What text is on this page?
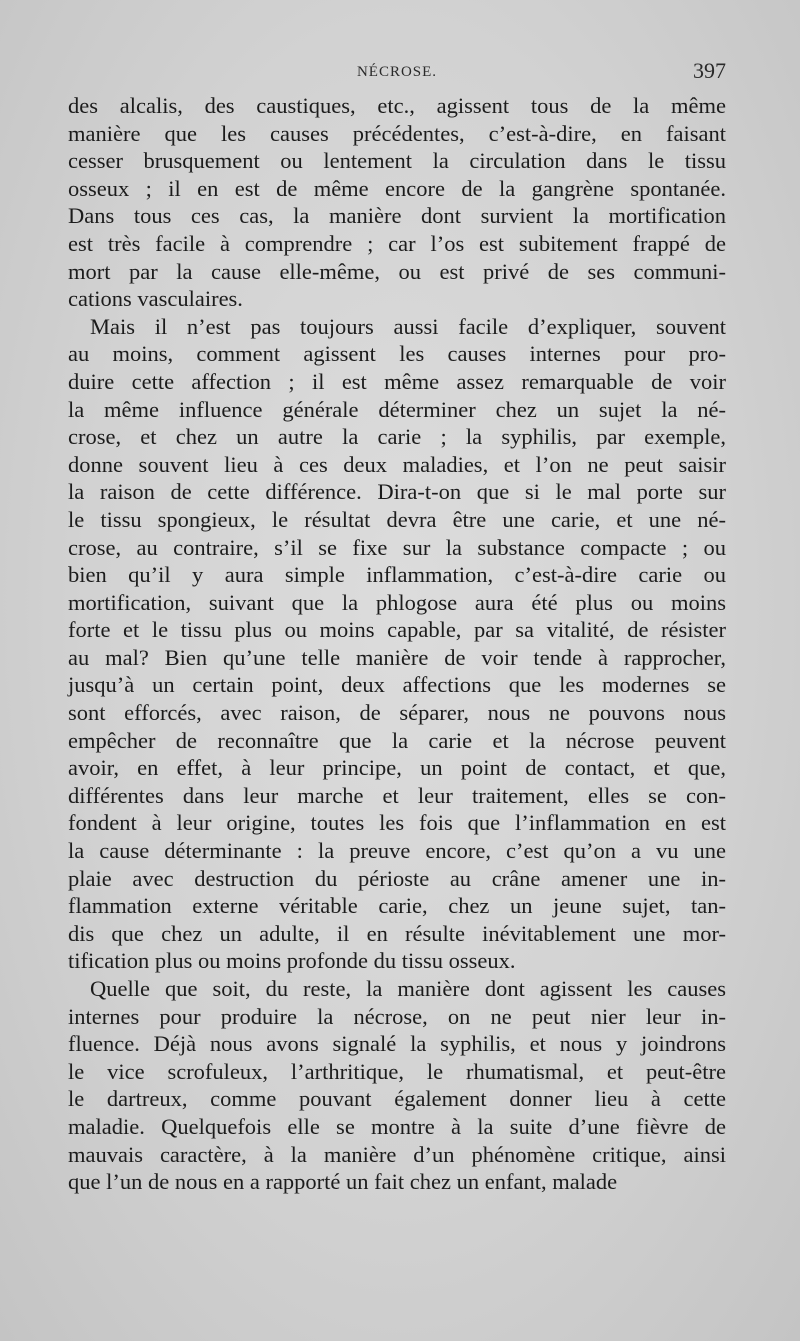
NÉCROSE.	397
des alcalis, des caustiques, etc., agissent tous de la même
manière que les causes précédentes, c’est-à-dire, en faisant
cesser brusquement ou lentement la circulation dans le tissu
osseux ; il en est de même encore de la gangrène spontanée.
Dans tous ces cas, la manière dont survient la mortification
est très facile à comprendre ; car l’os est subitement frappé de
mort par la cause elle-même, ou est privé de ses communi-
cations vasculaires.
Mais il n’est pas toujours aussi facile d’expliquer, souvent
au moins, comment agissent les causes internes pour pro-
duire cette affection ; il est même assez remarquable de voir
la même influence générale déterminer chez un sujet la né-
crose, et chez un autre la carie ; la syphilis, par exemple,
donne souvent lieu à ces deux maladies, et l’on ne peut saisir
la raison de cette différence. Dira-t-on que si le mal porte sur
le tissu spongieux, le résultat devra être une carie, et une né-
crose, au contraire, s’il se fixe sur la substance compacte ; ou
bien qu’il y aura simple inflammation, c’est-à-dire carie ou
mortification, suivant que la phlogose aura été plus ou moins
forte et le tissu plus ou moins capable, par sa vitalité, de résister
au mal? Bien qu’une telle manière de voir tende à rapprocher,
jusqu’à un certain point, deux affections que les modernes se
sont efforcés, avec raison, de séparer, nous ne pouvons nous
empêcher de reconnaître que la carie et la nécrose peuvent
avoir, en effet, à leur principe, un point de contact, et que,
différentes dans leur marche et leur traitement, elles se con-
fondent à leur origine, toutes les fois que l’inflammation en est
la cause déterminante : la preuve encore, c’est qu’on a vu une
plaie avec destruction du périoste au crâne amener une in-
flammation externe véritable carie, chez un jeune sujet, tan-
dis que chez un adulte, il en résulte inévitablement une mor-
tification plus ou moins profonde du tissu osseux.
Quelle que soit, du reste, la manière dont agissent les causes
internes pour produire la nécrose, on ne peut nier leur in-
fluence. Déjà nous avons signalé la syphilis, et nous y joindrons
le vice scrofuleux, l’arthritique, le rhumatismal, et peut-être
le dartreux, comme pouvant également donner lieu à cette
maladie. Quelquefois elle se montre à la suite d’une fièvre de
mauvais caractère, à la manière d’un phénomène critique, ainsi
que l’un de nous en a rapporté un fait chez un enfant, malade
